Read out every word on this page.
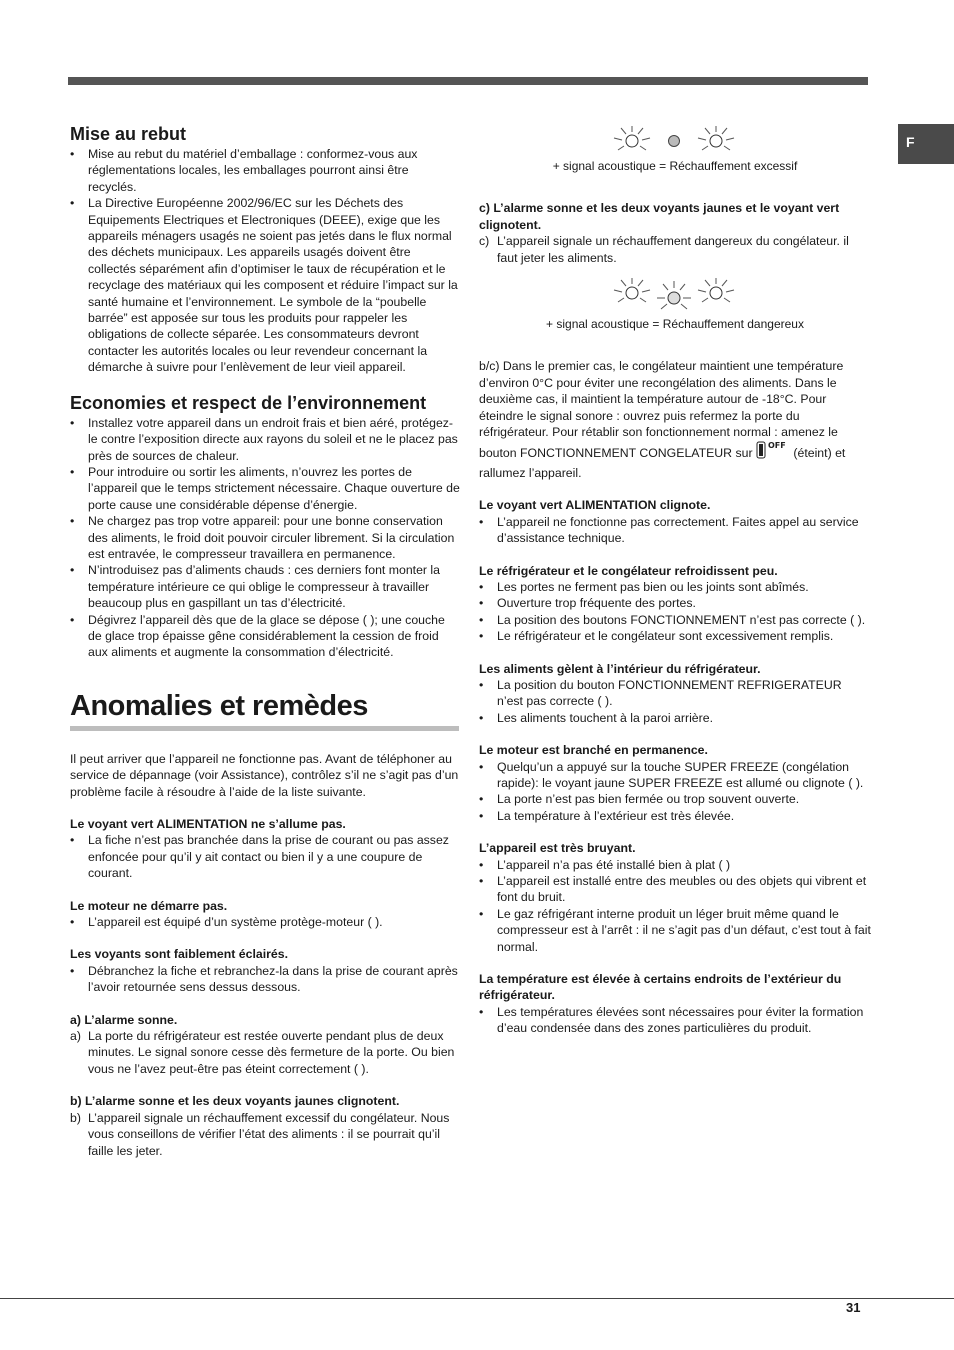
F
Mise au rebut
• Mise au rebut du matériel d’emballage : conformez-vous aux réglementations locales, les emballages pourront ainsi être recyclés.
• La Directive Européenne 2002/96/EC sur les Déchets des Equipements Electriques et Electroniques (DEEE), exige que les appareils ménagers usagés ne soient pas jetés dans le flux normal des déchets municipaux. Les appareils usagés doivent être collectés séparément afin d’optimiser le taux de récupération et le recyclage des matériaux qui les composent et réduire l’impact sur la santé humaine et l’environnement. Le symbole de la “poubelle barrée” est apposée sur tous les produits pour rappeler les obligations de collecte séparée. Les consommateurs devront contacter les autorités locales ou leur revendeur concernant la démarche à suivre pour l’enlèvement de leur vieil appareil.
Economies et respect de l’environnement
• Installez votre appareil dans un endroit frais et bien aéré, protégez-le contre l’exposition directe aux rayons du soleil et ne le placez pas près de sources de chaleur.
• Pour introduire ou sortir les aliments, n’ouvrez les portes de l’appareil que le temps strictement nécessaire. Chaque ouverture de porte cause une considérable dépense d’énergie.
• Ne chargez pas trop votre appareil: pour une bonne conservation des aliments, le froid doit pouvoir circuler librement. Si la circulation est entravée, le compresseur travaillera en permanence.
• N’introduisez pas d’aliments chauds : ces derniers font monter la température intérieure ce qui oblige le compresseur à travailler beaucoup plus en gaspillant un tas d’électricité.
• Dégivrez l’appareil dès que de la glace se dépose ( ); une couche de glace trop épaisse gêne considérablement la cession de froid aux aliments et augmente la consommation d’électricité.
Anomalies et remèdes

Il peut arriver que l’appareil ne fonctionne pas. Avant de téléphoner au service de dépannage (voir Assistance), contrôlez s’il ne s’agit pas d’un problème facile à résoudre à l’aide de la liste suivante.

Le voyant vert ALIMENTATION ne s’allume pas.

• La fiche n’est pas branchée dans la prise de courant ou pas assez enfoncée pour qu’il y ait contact ou bien il y a une coupure de courant.

Le moteur ne démarre pas.

• L’appareil est équipé d’un système protège-moteur ( ).

Les voyants sont faiblement éclairés.

• Débranchez la fiche et rebranchez-la dans la prise de courant après l’avoir retournée sens dessus dessous.

a) L’alarme sonne.

a) La porte du réfrigérateur est restée ouverte pendant plus de deux minutes. Le signal sonore cesse dès fermeture de la porte. Ou bien vous ne l’avez peut-être pas éteint correctement ( ).

b) L’alarme sonne et les deux voyants jaunes clignotent.

b) L’appareil signale un réchauffement excessif du congélateur. Nous vous conseillons de vérifier l’état des aliments : il se pourrait qu’il faille les jeter.

+ signal acoustique = Réchauffement excessif

c) L’alarme sonne et les deux voyants jaunes et le voyant vert clignotent.

c) L’appareil signale un réchauffement dangereux du congélateur. il faut jeter les aliments.

+ signal acoustique = Réchauffement dangereux

b/c) Dans le premier cas, le congélateur maintient une température d’environ 0°C pour éviter une recongélation des aliments. Dans le deuxième cas, il maintient la température autour de -18°C. Pour éteindre le signal sonore : ouvrez puis refermez la porte du réfrigérateur. Pour rétablir son fonctionnement normal : amenez le bouton FONCTIONNEMENT CONGELATEUR sur
OFF
(éteint) et rallumez l’appareil.

Le voyant vert ALIMENTATION clignote.

• L’appareil ne fonctionne pas correctement. Faites appel au service d’assistance technique.

Le réfrigérateur et le congélateur refroidissent peu.

• Les portes ne ferment pas bien ou les joints sont abîmés.
• Ouverture trop fréquente des portes.
• La position des boutons FONCTIONNEMENT n’est pas correcte ( ).
• Le réfrigérateur et le congélateur sont excessivement remplis.

Les aliments gèlent à l’intérieur du réfrigérateur.

• La position du bouton FONCTIONNEMENT REFRIGERATEUR n’est pas correcte ( ).
• Les aliments touchent à la paroi arrière.

Le moteur est branché en permanence.

• Quelqu’un a appuyé sur la touche SUPER FREEZE (congélation rapide): le voyant jaune SUPER FREEZE est allumé ou clignote ( ).
• La porte n’est pas bien fermée ou trop souvent ouverte.
• La température à l’extérieur est très élevée.

L’appareil est très bruyant.

• L’appareil n’a pas été installé bien à plat ( )
• L’appareil est installé entre des meubles ou des objets qui vibrent et font du bruit.
• Le gaz réfrigérant interne produit un léger bruit même quand le compresseur est à l’arrêt : il ne s’agit pas d’un défaut, c’est tout à fait normal.

La température est élevée à certains endroits de l’extérieur du réfrigérateur.

• Les températures élevées sont nécessaires pour éviter la formation d’eau condensée dans des zones particulières du produit.
31
